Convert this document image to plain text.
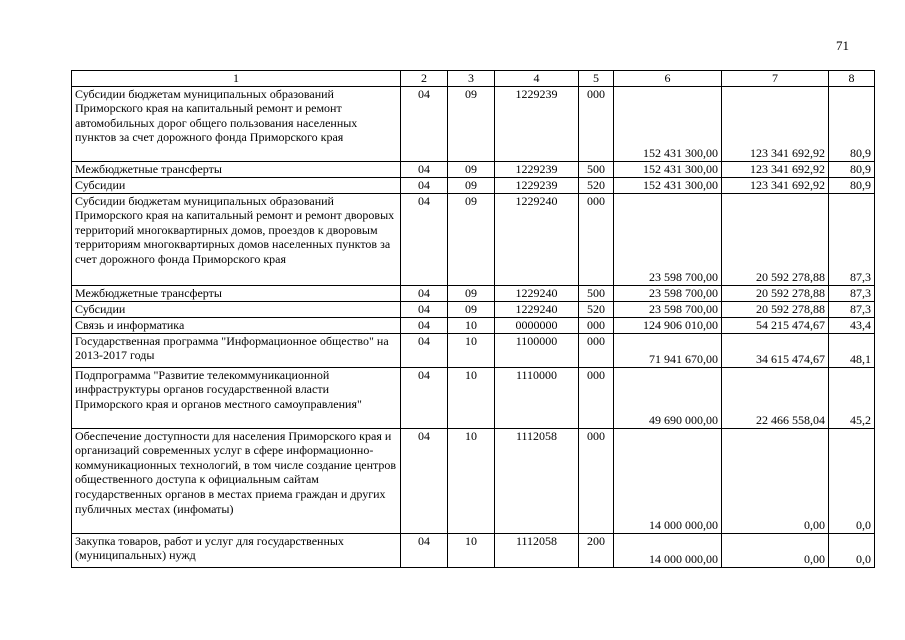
71
1	2	3	4	5	6	7	8
Субсидии бюджетам муниципальных образований Приморского края на капитальный ремонт и ремонт автомобильных дорог общего пользования населенных пунктов за счет дорожного фонда Приморского края	04	09	1229239	000	152 431 300,00	123 341 692,92	80,9
Межбюджетные трансферты	04	09	1229239	500	152 431 300,00	123 341 692,92	80,9
Субсидии	04	09	1229239	520	152 431 300,00	123 341 692,92	80,9
Субсидии бюджетам муниципальных образований Приморского края на капитальный ремонт и ремонт дворовых территорий многоквартирных домов, проездов к дворовым территориям многоквартирных домов населенных пунктов за счет дорожного фонда Приморского края	04	09	1229240	000	23 598 700,00	20 592 278,88	87,3
Межбюджетные трансферты	04	09	1229240	500	23 598 700,00	20 592 278,88	87,3
Субсидии	04	09	1229240	520	23 598 700,00	20 592 278,88	87,3
Связь и информатика	04	10	0000000	000	124 906 010,00	54 215 474,67	43,4
Государственная программа "Информационное общество" на 2013-2017 годы	04	10	1100000	000	71 941 670,00	34 615 474,67	48,1
Подпрограмма "Развитие телекоммуникационной инфраструктуры органов государственной власти Приморского края и органов местного самоуправления"	04	10	1110000	000	49 690 000,00	22 466 558,04	45,2
Обеспечение доступности для населения Приморского края и организаций современных услуг в сфере информационно-коммуникационных технологий, в том числе создание центров общественного доступа к официальным сайтам государственных органов в местах приема граждан и других публичных местах (инфоматы)	04	10	1112058	000	14 000 000,00	0,00	0,0
Закупка товаров, работ и услуг для государственных (муниципальных) нужд	04	10	1112058	200	14 000 000,00	0,00	0,0
